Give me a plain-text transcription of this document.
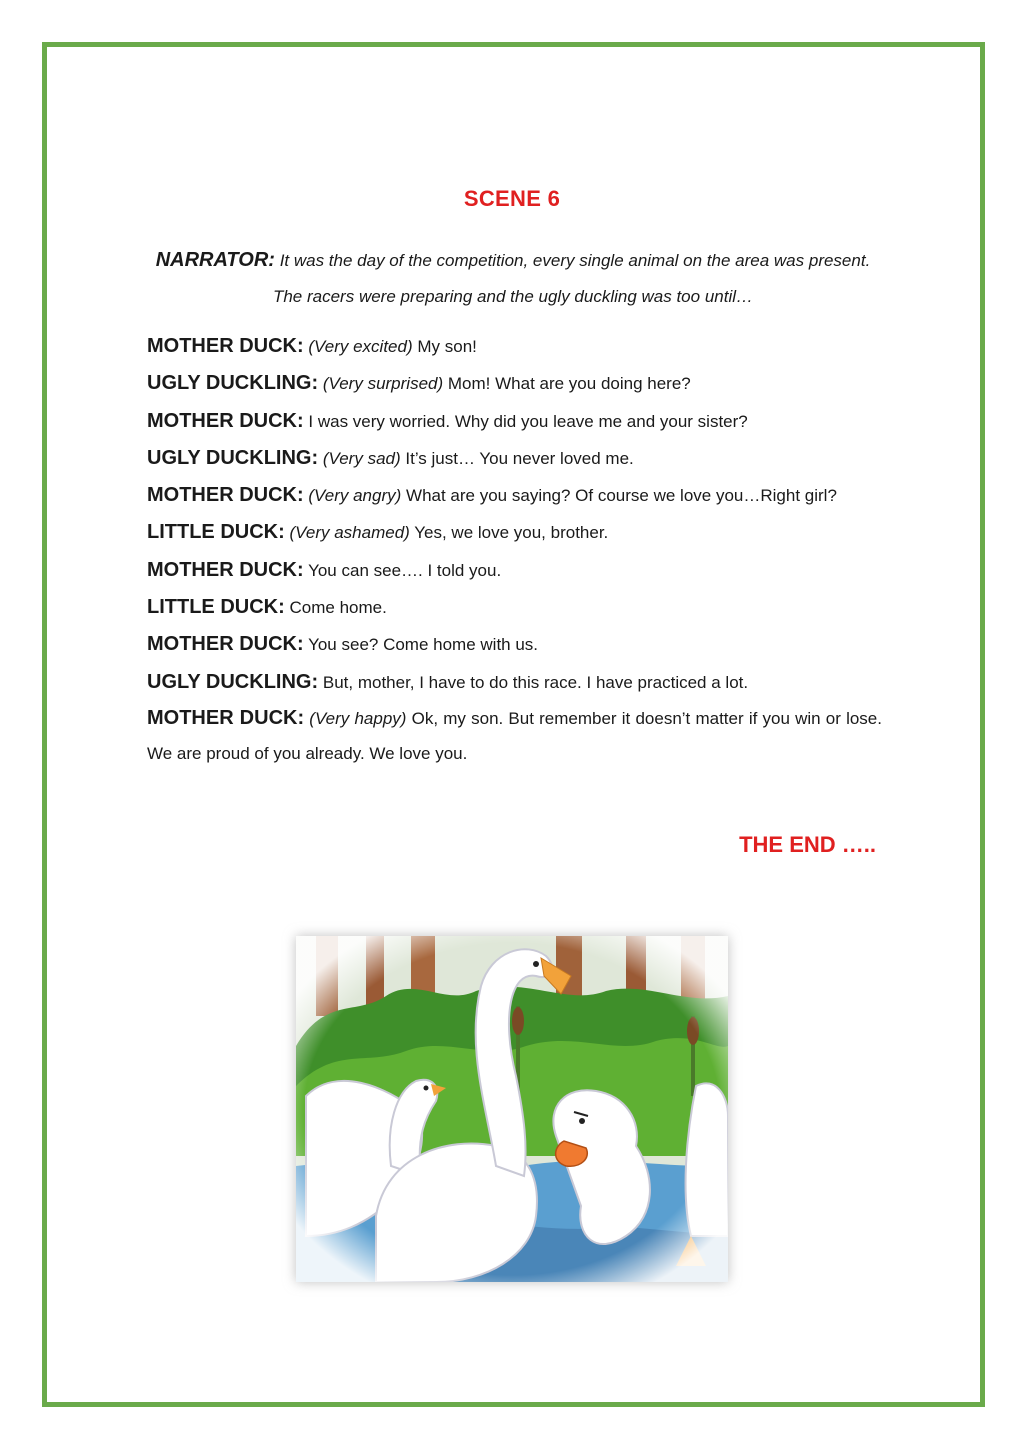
SCENE 6
NARRATOR: It was the day of the competition, every single animal on the area was present. The racers were preparing and the ugly duckling was too until…
MOTHER DUCK: (Very excited) My son!
UGLY DUCKLING: (Very surprised) Mom! What are you doing here?
MOTHER DUCK: I was very worried. Why did you leave me and your sister?
UGLY DUCKLING: (Very sad) It’s just… You never loved me.
MOTHER DUCK: (Very angry) What are you saying? Of course we love you…Right girl?
LITTLE DUCK: (Very ashamed) Yes, we love you, brother.
MOTHER DUCK: You can see…. I told you.
LITTLE DUCK: Come home.
MOTHER DUCK: You see? Come home with us.
UGLY DUCKLING: But, mother, I have to do this race. I have practiced a lot.
MOTHER DUCK: (Very happy) Ok, my son. But remember it doesn’t matter if you win or lose. We are proud of you already. We love you.
THE END …..
